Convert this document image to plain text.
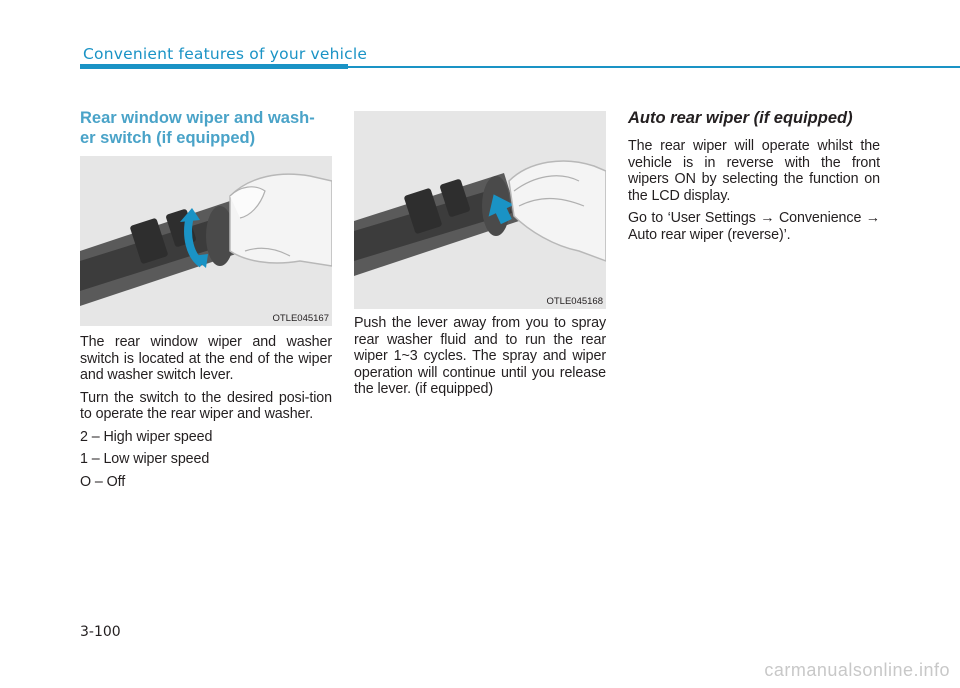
Convenient features of your vehicle
Rear window wiper and wash-
er switch (if equipped)
OTLE045167

The rear window wiper and washer switch is located at the end of the wiper and washer switch lever.

Turn the switch to the desired posi-tion to operate the rear wiper and washer.

2 – High wiper speed

1 – Low wiper speed

O – Off

OTLE045168

Push the lever away from you to spray rear washer fluid and to run the rear wiper 1~3 cycles. The spray and wiper operation will continue until you release the lever. (if equipped)

Auto rear wiper (if equipped)

The rear wiper will operate whilst the vehicle is in reverse with the front wipers ON by selecting the function on the LCD display.

Go to ‘User Settings → Convenience → Auto rear wiper (reverse)’.

3-100
carmanualsonline.info
